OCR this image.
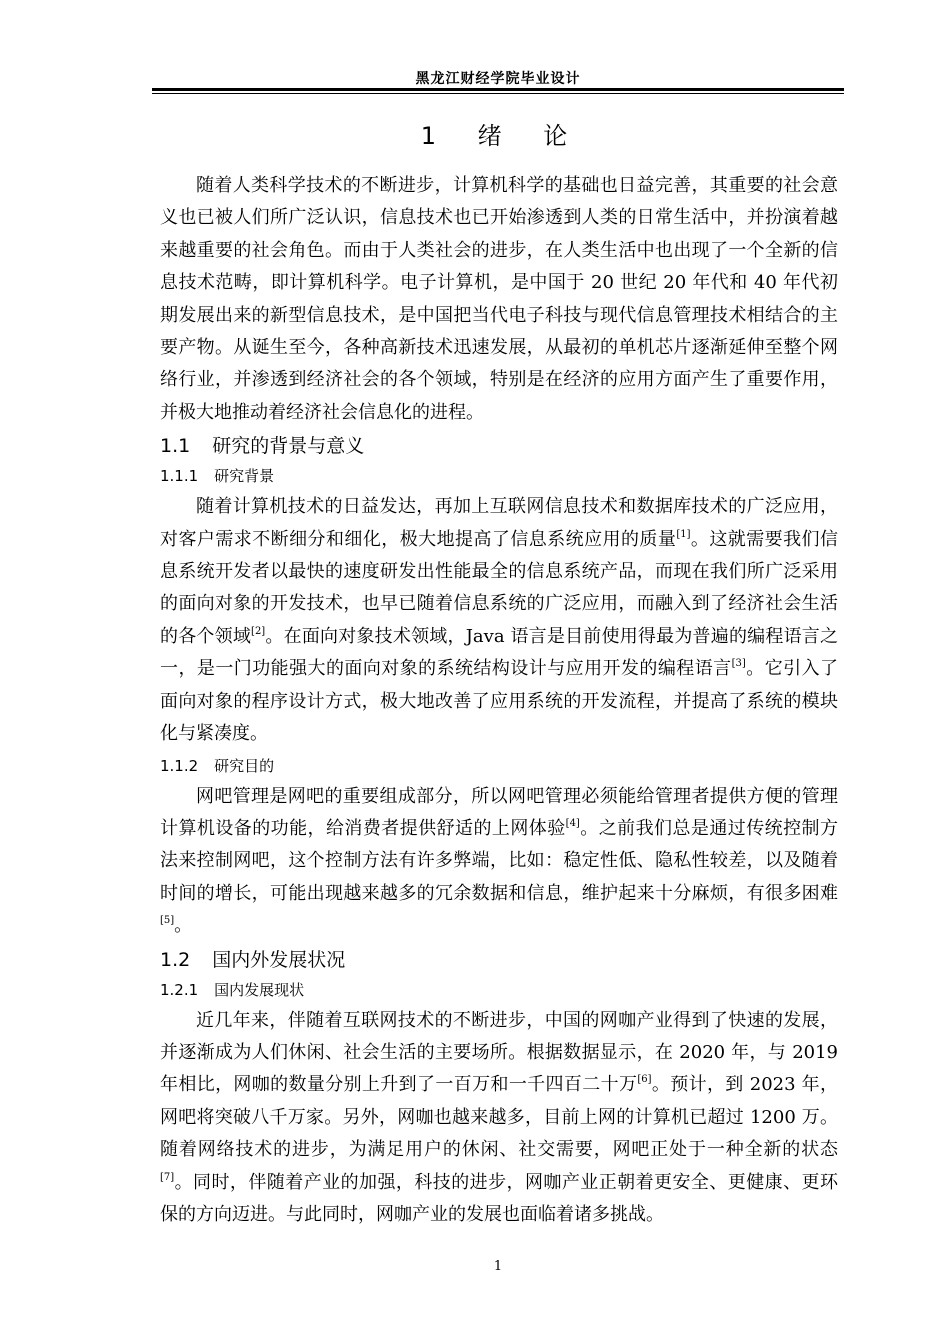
黑龙江财经学院毕业设计
1 绪 论

随着人类科学技术的不断进步，计算机科学的基础也日益完善，其重要的社会意义也已被人们所广泛认识，信息技术也已开始渗透到人类的日常生活中，并扮演着越来越重要的社会角色。而由于人类社会的进步，在人类生活中也出现了一个全新的信息技术范畴，即计算机科学。电子计算机，是中国于 20 世纪 20 年代和 40 年代初期发展出来的新型信息技术，是中国把当代电子科技与现代信息管理技术相结合的主要产物。从诞生至今，各种高新技术迅速发展，从最初的单机芯片逐渐延伸至整个网络行业，并渗透到经济社会的各个领域，特别是在经济的应用方面产生了重要作用，并极大地推动着经济社会信息化的进程。

1.1 研究的背景与意义
1.1.1 研究背景

随着计算机技术的日益发达，再加上互联网信息技术和数据库技术的广泛应用，对客户需求不断细分和细化，极大地提高了信息系统应用的质量[1]。这就需要我们信息系统开发者以最快的速度研发出性能最全的信息系统产品，而现在我们所广泛采用的面向对象的开发技术，也早已随着信息系统的广泛应用，而融入到了经济社会生活的各个领域[2]。在面向对象技术领域，Java 语言是目前使用得最为普遍的编程语言之一，是一门功能强大的面向对象的系统结构设计与应用开发的编程语言[3]。它引入了面向对象的程序设计方式，极大地改善了应用系统的开发流程，并提高了系统的模块化与紧凑度。

1.1.2 研究目的

网吧管理是网吧的重要组成部分，所以网吧管理必须能给管理者提供方便的管理计算机设备的功能，给消费者提供舒适的上网体验[4]。之前我们总是通过传统控制方法来控制网吧，这个控制方法有许多弊端，比如：稳定性低、隐私性较差，以及随着时间的增长，可能出现越来越多的冗余数据和信息，维护起来十分麻烦，有很多困难[5]。

1.2 国内外发展状况
1.2.1 国内发展现状

近几年来，伴随着互联网技术的不断进步，中国的网咖产业得到了快速的发展，并逐渐成为人们休闲、社会生活的主要场所。根据数据显示，在 2020 年，与 2019 年相比，网咖的数量分别上升到了一百万和一千四百二十万[6]。预计，到 2023 年，网吧将突破八千万家。另外，网咖也越来越多，目前上网的计算机已超过 1200 万。随着网络技术的进步，为满足用户的休闲、社交需要，网吧正处于一种全新的状态[7]。同时，伴随着产业的加强，科技的进步，网咖产业正朝着更安全、更健康、更环保的方向迈进。与此同时，网咖产业的发展也面临着诸多挑战。

1
